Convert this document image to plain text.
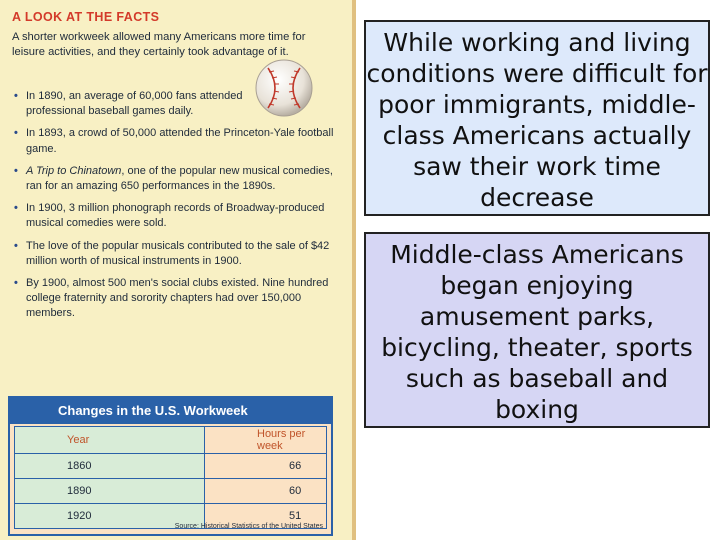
A LOOK AT THE FACTS
A shorter workweek allowed many Americans more time for leisure activities, and they certainly took advantage of it.
• In 1890, an average of 60,000 fans attended professional baseball games daily.
• In 1893, a crowd of 50,000 attended the Princeton-Yale football game.
• A Trip to Chinatown, one of the popular new musical comedies, ran for an amazing 650 performances in the 1890s.
• In 1900, 3 million phonograph records of Broadway-produced musical comedies were sold.
• The love of the popular musicals contributed to the sale of $42 million worth of musical instruments in 1900.
• By 1900, almost 500 men's social clubs existed. Nine hundred college fraternity and sorority chapters had over 150,000 members.
Changes in the U.S. Workweek
Year	Hours per week
1860	66
1890	60
1920	51
Source: Historical Statistics of the United States
While working and living conditions were difficult for poor immigrants, middle-class Americans actually saw their work time decrease
Middle-class Americans began enjoying amusement parks, bicycling, theater, sports such as baseball and boxing
